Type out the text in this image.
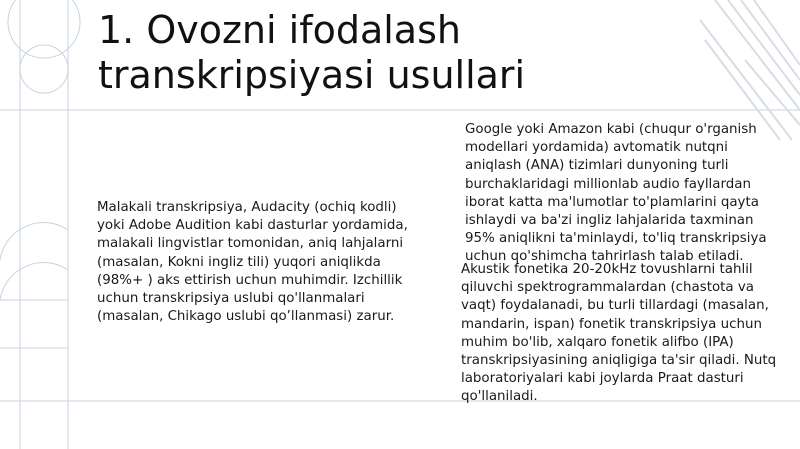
1. Ovozni ifodalash transkripsiyasi usullari

Malakali transkripsiya, Audacity (ochiq kodli) yoki Adobe Audition kabi dasturlar yordamida, malakali lingvistlar tomonidan, aniq lahjalarni (masalan, Kokni ingliz tili) yuqori aniqlikda (98%+ ) aks ettirish uchun muhimdir. Izchillik uchun transkripsiya uslubi qo'llanmalari (masalan, Chikago uslubi qo’llanmasi) zarur.

Google yoki Amazon kabi (chuqur o'rganish modellari yordamida) avtomatik nutqni aniqlash (ANA) tizimlari dunyoning turli burchaklaridagi millionlab audio fayllardan iborat katta ma'lumotlar to'plamlarini qayta ishlaydi va ba'zi ingliz lahjalarida taxminan 95% aniqlikni ta'minlaydi, to'liq transkripsiya uchun qo'shimcha tahrirlash talab etiladi.

Akustik fonetika 20-20kHz tovushlarni tahlil qiluvchi spektrogrammalardan (chastota va vaqt) foydalanadi, bu turli tillardagi (masalan, mandarin, ispan) fonetik transkripsiya uchun muhim bo'lib, xalqaro fonetik alifbo (IPA) transkripsiyasining aniqligiga ta'sir qiladi. Nutq laboratoriyalari kabi joylarda Praat dasturi qo'llaniladi.
